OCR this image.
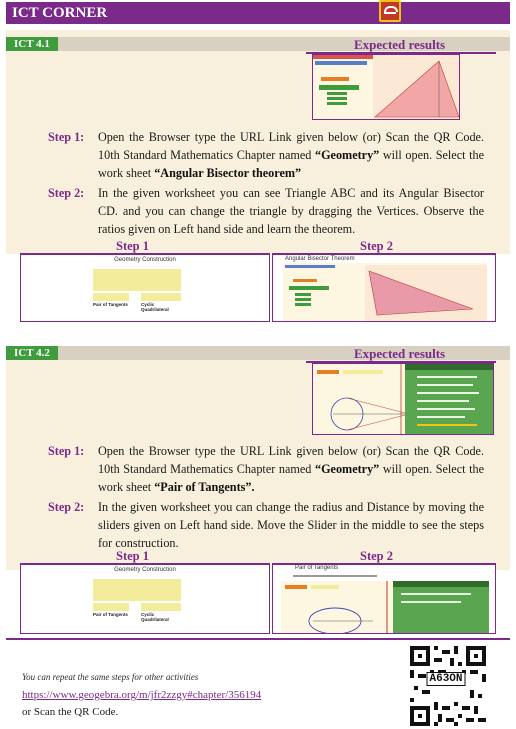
ICT CORNER
ICT 4.1	Expected results
Step 1: Open the Browser type the URL Link given below (or) Scan the QR Code. 10th Standard Mathematics Chapter named “Geometry” will open. Select the work sheet “Angular Bisector theorem”
Step 2: In the given worksheet you can see Triangle ABC and its Angular Bisector CD. and you can change the triangle by dragging the Vertices. Observe the ratios given on Left hand side and learn the theorem.
Step 1	Step 2
Geometry Construction
Pair of Tangents	Cyclic Quadrilateral
Angular Bisector Theorem
ICT 4.2	Expected results
Step 1: Open the Browser type the URL Link given below (or) Scan the QR Code. 10th Standard Mathematics Chapter named “Geometry” will open. Select the work sheet “Pair of Tangents”.
Step 2: In the given worksheet you can change the radius and Distance by moving the sliders given on Left hand side. Move the Slider in the middle to see the steps for construction.
Step 1	Step 2
Geometry Construction
Pair of Tangents	Cyclic Quadrilateral
Pair of Tangents
You can repeat the same steps for other activities
https://www.geogebra.org/m/jfr2zzgy#chapter/356194
or Scan the QR Code.
A63ON
